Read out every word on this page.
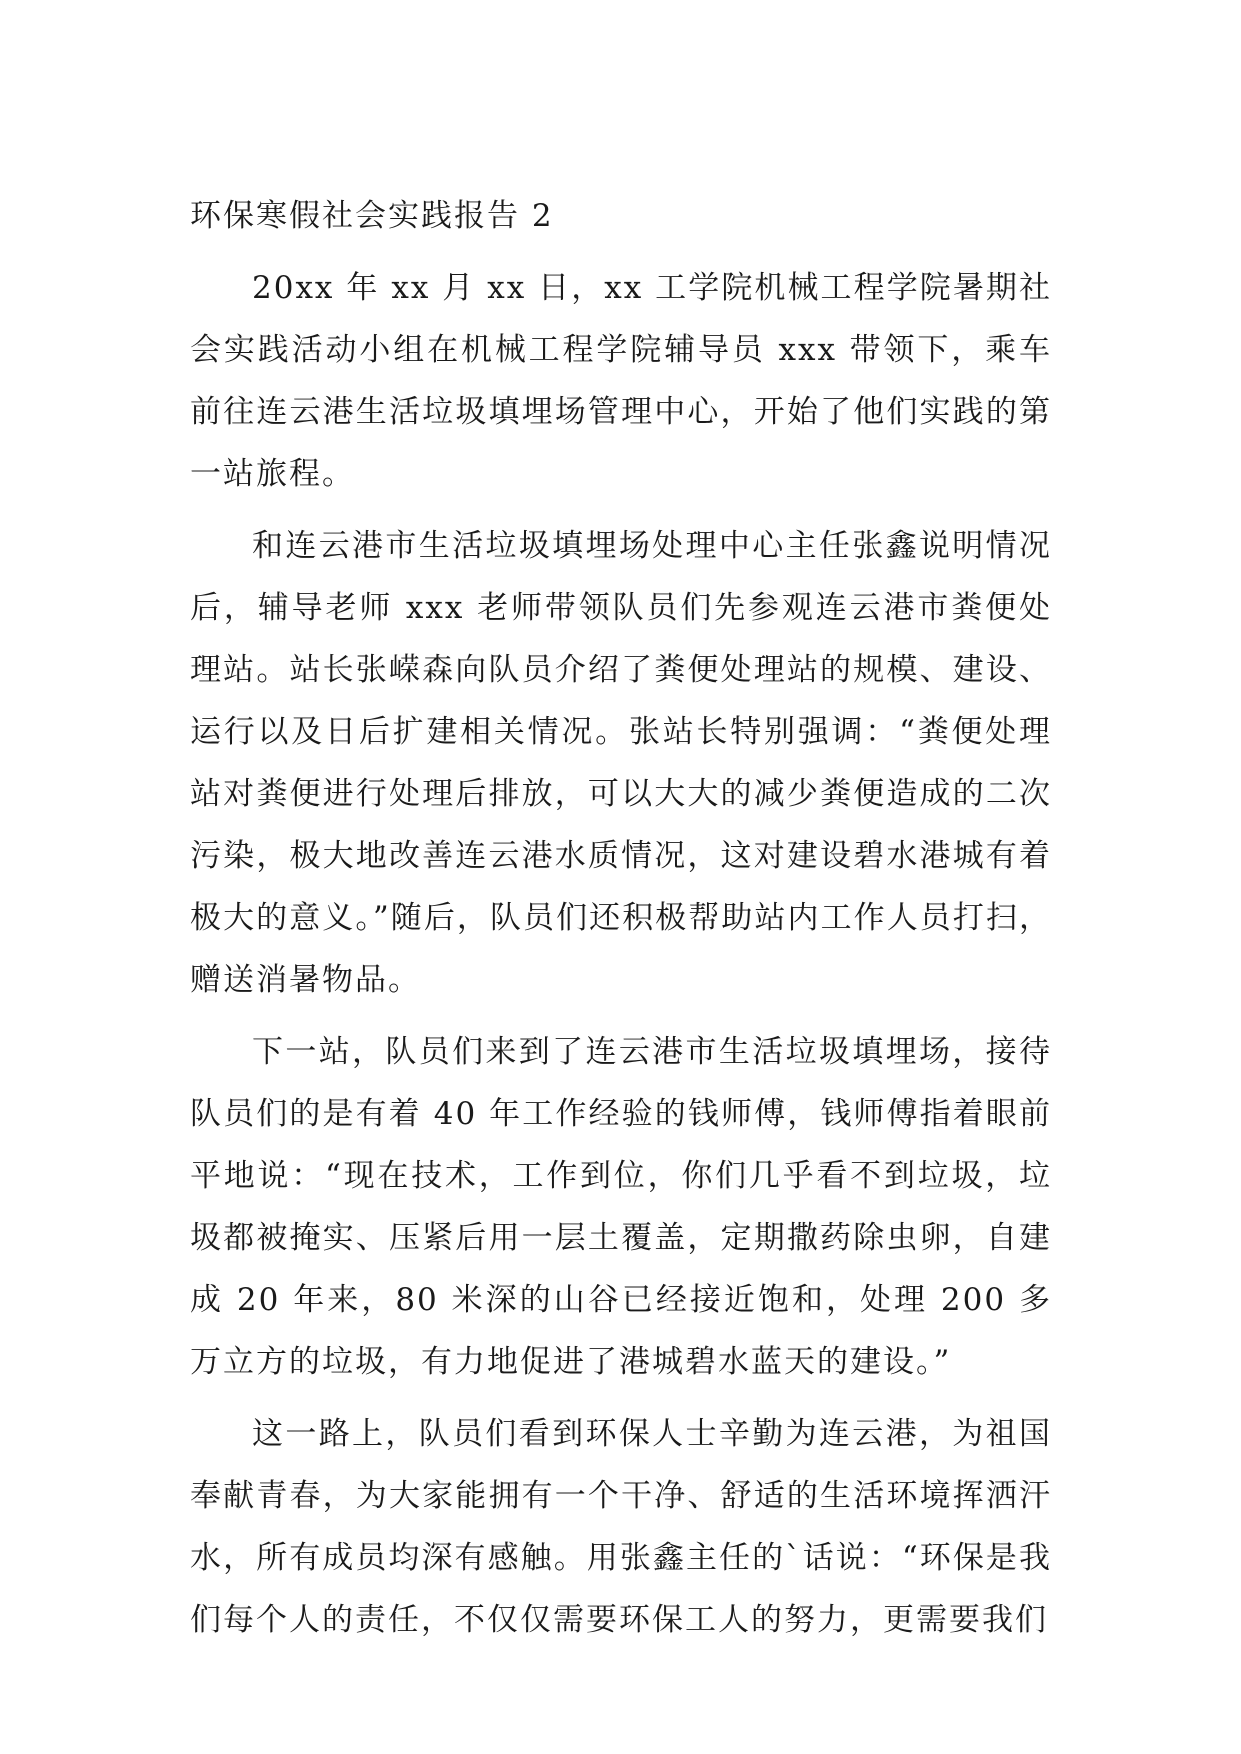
环保寒假社会实践报告 2

20xx 年 xx 月 xx 日，xx 工学院机械工程学院暑期社会实践活动小组在机械工程学院辅导员 xxx 带领下，乘车前往连云港生活垃圾填埋场管理中心，开始了他们实践的第一站旅程。

和连云港市生活垃圾填埋场处理中心主任张鑫说明情况后，辅导老师 xxx 老师带领队员们先参观连云港市粪便处理站。站长张嵘森向队员介绍了粪便处理站的规模、建设、运行以及日后扩建相关情况。张站长特别强调：“粪便处理站对粪便进行处理后排放，可以大大的减少粪便造成的二次污染，极大地改善连云港水质情况，这对建设碧水港城有着极大的意义。”随后，队员们还积极帮助站内工作人员打扫，赠送消暑物品。

下一站，队员们来到了连云港市生活垃圾填埋场，接待队员们的是有着 40 年工作经验的钱师傅，钱师傅指着眼前平地说：“现在技术，工作到位，你们几乎看不到垃圾，垃圾都被掩实、压紧后用一层土覆盖，定期撒药除虫卵，自建成 20 年来，80 米深的山谷已经接近饱和，处理 200 多万立方的垃圾，有力地促进了港城碧水蓝天的建设。”

这一路上，队员们看到环保人士辛勤为连云港，为祖国奉献青春，为大家能拥有一个干净、舒适的生活环境挥洒汗水，所有成员均深有感触。用张鑫主任的`话说：“环保是我们每个人的责任，不仅仅需要环保工人的努力，更需要我们
